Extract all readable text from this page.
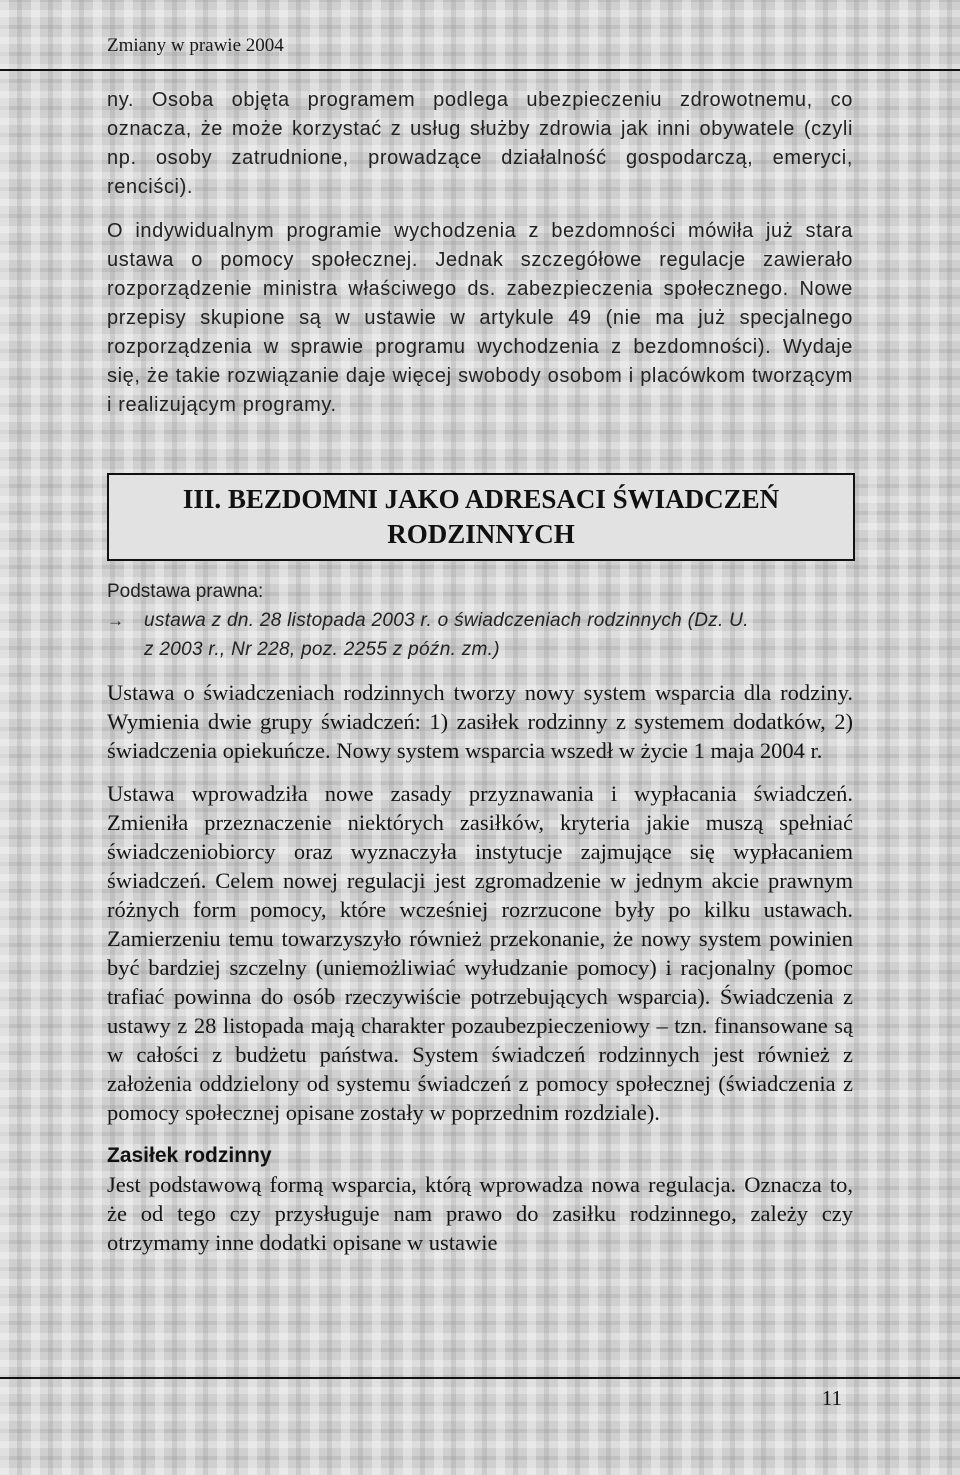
Zmiany w prawie 2004

ny. Osoba objęta programem podlega ubezpieczeniu zdrowotnemu, co oznacza, że może korzystać z usług służby zdrowia jak inni obywatele (czyli np. osoby zatrudnione, prowadzące działalność gospodarczą, emeryci, renciści).

O indywidualnym programie wychodzenia z bezdomności mówiła już stara ustawa o pomocy społecznej. Jednak szczegółowe regulacje zawierało rozporządzenie ministra właściwego ds. zabezpieczenia społecznego. Nowe przepisy skupione są w ustawie w artykule 49 (nie ma już specjalnego rozporządzenia w sprawie programu wychodzenia z bezdomności). Wydaje się, że takie rozwiązanie daje więcej swobody osobom i placówkom tworzącym i realizującym programy.

III. BEZDOMNI JAKO ADRESACI ŚWIADCZEŃ
RODZINNYCH
Podstawa prawna:
→ ustawa z dn. 28 listopada 2003 r. o świadczeniach rodzinnych (Dz. U.
z 2003 r., Nr 228, poz. 2255 z późn. zm.)

Ustawa o świadczeniach rodzinnych tworzy nowy system wsparcia dla rodziny. Wymienia dwie grupy świadczeń: 1) zasiłek rodzinny z systemem dodatków, 2) świadczenia opiekuńcze. Nowy system wsparcia wszedł w życie 1 maja 2004 r.

Ustawa wprowadziła nowe zasady przyznawania i wypłacania świadczeń. Zmieniła przeznaczenie niektórych zasiłków, kryteria jakie muszą spełniać świadczeniobiorcy oraz wyznaczyła instytucje zajmujące się wypłacaniem świadczeń. Celem nowej regulacji jest zgromadzenie w jednym akcie prawnym różnych form pomocy, które wcześniej rozrzucone były po kilku ustawach. Zamierzeniu temu towarzyszyło również przekonanie, że nowy system powinien być bardziej szczelny (uniemożliwiać wyłudzanie pomocy) i racjonalny (pomoc trafiać powinna do osób rzeczywiście potrzebujących wsparcia). Świadczenia z ustawy z 28 listopada mają charakter pozaubezpieczeniowy – tzn. finansowane są w całości z budżetu państwa. System świadczeń rodzinnych jest również z założenia oddzielony od systemu świadczeń z pomocy społecznej (świadczenia z pomocy społecznej opisane zostały w poprzednim rozdziale).

Zasiłek rodzinny

Jest podstawową formą wsparcia, którą wprowadza nowa regulacja. Oznacza to, że od tego czy przysługuje nam prawo do zasiłku rodzinnego, zależy czy otrzymamy inne dodatki opisane w ustawie

11
